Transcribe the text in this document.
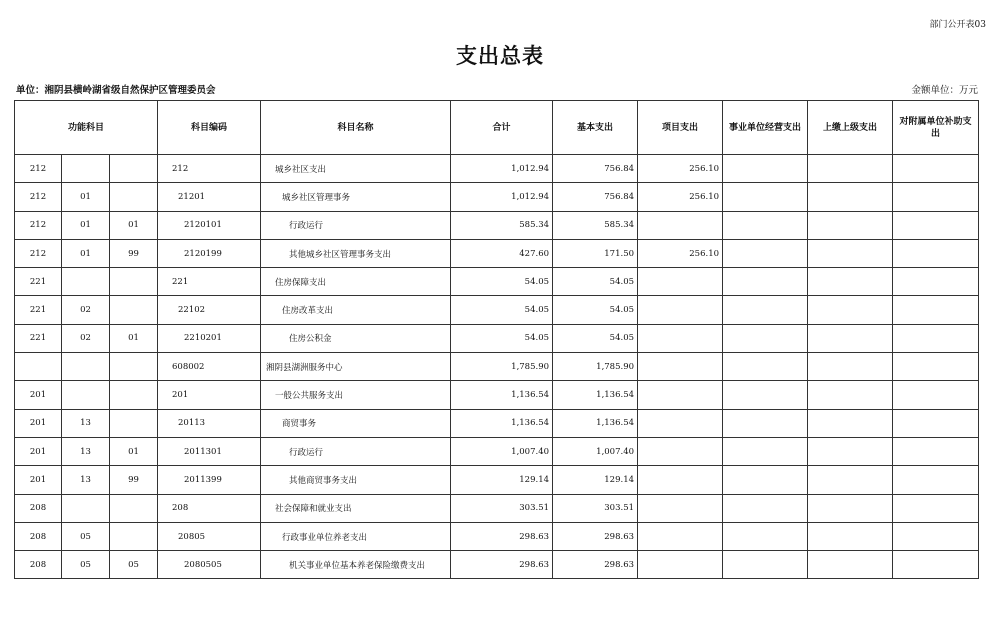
部门公开表03
支出总表
单位：湘阴县横岭湖省级自然保护区管理委员会	金额单位：万元
功能科目			科目编码	科目名称	合计	基本支出	项目支出	事业单位经营支出	上缴上级支出	对附属单位补助支出
212			212	城乡社区支出	1,012.94	756.84	256.10			
212	01		21201	城乡社区管理事务	1,012.94	756.84	256.10			
212	01	01	2120101	行政运行	585.34	585.34				
212	01	99	2120199	其他城乡社区管理事务支出	427.60	171.50	256.10			
221			221	住房保障支出	54.05	54.05				
221	02		22102	住房改革支出	54.05	54.05				
221	02	01	2210201	住房公积金	54.05	54.05				
			608002	湘阴县湖洲服务中心	1,785.90	1,785.90				
201			201	一般公共服务支出	1,136.54	1,136.54				
201	13		20113	商贸事务	1,136.54	1,136.54				
201	13	01	2011301	行政运行	1,007.40	1,007.40				
201	13	99	2011399	其他商贸事务支出	129.14	129.14				
208			208	社会保障和就业支出	303.51	303.51				
208	05		20805	行政事业单位养老支出	298.63	298.63				
208	05	05	2080505	机关事业单位基本养老保险缴费支出	298.63	298.63				
